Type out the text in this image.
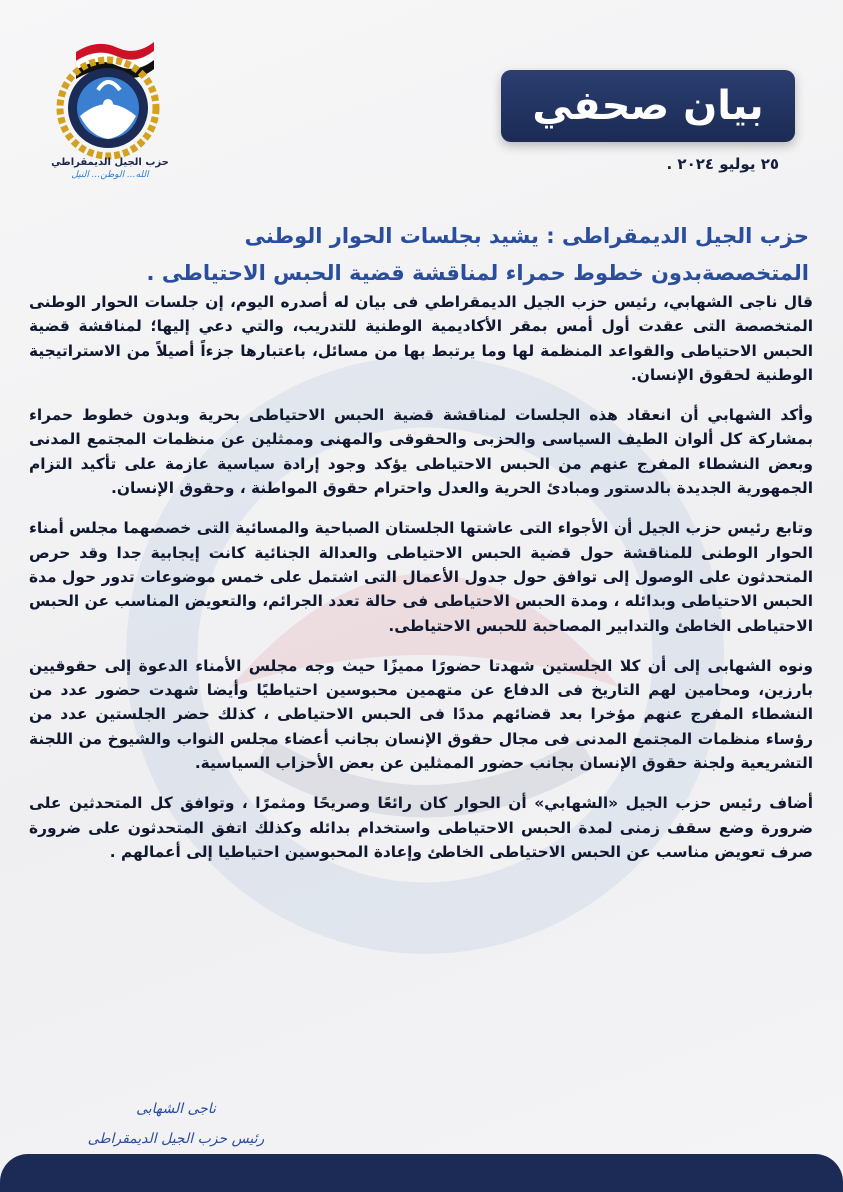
حزب الجيل الديمقراطي
الله... الوطن... النيل
بيان صحفي
٢٥ يوليو ٢٠٢٤ .
حزب الجيل الديمقراطى : يشيد بجلسات الحوار الوطنى
المتخصصةبدون خطوط حمراء لمناقشة قضية الحبس الاحتياطى .

قال ناجى الشهابي، رئيس حزب الجيل الديمقراطي فى بيان له أصدره اليوم، إن جلسات الحوار الوطنى المتخصصة التى عقدت أول أمس بمقر الأكاديمية الوطنية للتدريب، والتي دعي إليها؛ لمناقشة قضية الحبس الاحتياطى والقواعد المنظمة لها وما يرتبط بها من مسائل، باعتبارها جزءاً أصيلاً من الاستراتيجية الوطنية لحقوق الإنسان.

وأكد الشهابي أن انعقاد هذه الجلسات لمناقشة قضية الحبس الاحتياطى بحرية وبدون خطوط حمراء بمشاركة كل ألوان الطيف السياسى والحزبى والحقوقى والمهنى وممثلين عن منظمات المجتمع المدنى وبعض النشطاء المفرج عنهم من الحبس الاحتياطى يؤكد وجود إرادة سياسية عازمة على تأكيد التزام الجمهورية الجديدة بالدستور ومبادئ الحرية والعدل واحترام حقوق المواطنة ، وحقوق الإنسان.

وتابع رئيس حزب الجيل أن الأجواء التى عاشتها الجلستان الصباحية والمسائية التى خصصهما مجلس أمناء الحوار الوطنى للمناقشة حول قضية الحبس الاحتياطى والعدالة الجنائية كانت إيجابية جدا وقد حرص المتحدثون على الوصول إلى توافق حول جدول الأعمال التى اشتمل على خمس موضوعات تدور حول مدة الحبس الاحتياطى وبدائله ، ومدة الحبس الاحتياطى فى حالة تعدد الجرائم، والتعويض المناسب عن الحبس الاحتياطى الخاطئ والتدابير المصاحبة للحبس الاحتياطى.

ونوه الشهابى إلى أن كلا الجلستين شهدتا حضورًا مميزًا حيث وجه مجلس الأمناء الدعوة إلى حقوقيين بارزين، ومحامين لهم التاريخ فى الدفاع عن متهمين محبوسين احتياطيًا وأيضا شهدت حضور عدد من النشطاء المفرج عنهم مؤخرا بعد قضائهم مددًا فى الحبس الاحتياطى ، كذلك حضر الجلستين عدد من رؤساء منظمات المجتمع المدنى فى مجال حقوق الإنسان بجانب أعضاء مجلس النواب والشيوخ من اللجنة التشريعية ولجنة حقوق الإنسان بجانب حضور الممثلين عن بعض الأحزاب السياسية.

أضاف رئيس حزب الجيل «الشهابي» أن الحوار كان رائعًا وصريحًا ومثمرًا ، وتوافق كل المتحدثين على ضرورة وضع سقف زمنى لمدة الحبس الاحتياطى واستخدام بدائله وكذلك اتفق المتحدثون على ضرورة صرف تعويض مناسب عن الحبس الاحتياطى الخاطئ وإعادة المحبوسين احتياطيا إلى أعمالهم .

ناجى الشهابى
رئيس حزب الجيل الديمقراطى
